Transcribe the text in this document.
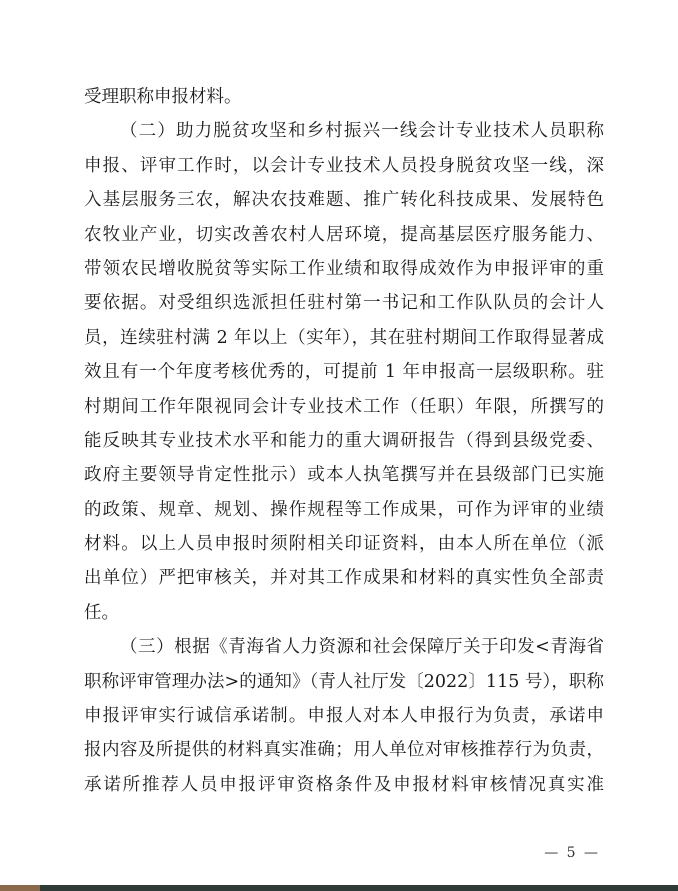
受理职称申报材料。
（二）助力脱贫攻坚和乡村振兴一线会计专业技术人员职称
申报、评审工作时，以会计专业技术人员投身脱贫攻坚一线，深
入基层服务三农，解决农技难题、推广转化科技成果、发展特色
农牧业产业，切实改善农村人居环境，提高基层医疗服务能力、
带领农民增收脱贫等实际工作业绩和取得成效作为申报评审的重
要依据。对受组织选派担任驻村第一书记和工作队队员的会计人
员，连续驻村满 2 年以上（实年），其在驻村期间工作取得显著成
效且有一个年度考核优秀的，可提前 1 年申报高一层级职称。驻
村期间工作年限视同会计专业技术工作（任职）年限，所撰写的
能反映其专业技术水平和能力的重大调研报告（得到县级党委、
政府主要领导肯定性批示）或本人执笔撰写并在县级部门已实施
的政策、规章、规划、操作规程等工作成果，可作为评审的业绩
材料。以上人员申报时须附相关印证资料，由本人所在单位（派
出单位）严把审核关，并对其工作成果和材料的真实性负全部责
任。
（三）根据《青海省人力资源和社会保障厅关于印发<青海省
职称评审管理办法>的通知》（青人社厅发〔2022〕115 号），职称
申报评审实行诚信承诺制。申报人对本人申报行为负责，承诺申
报内容及所提供的材料真实准确；用人单位对审核推荐行为负责，
承诺所推荐人员申报评审资格条件及申报材料审核情况真实准
— 5 —
